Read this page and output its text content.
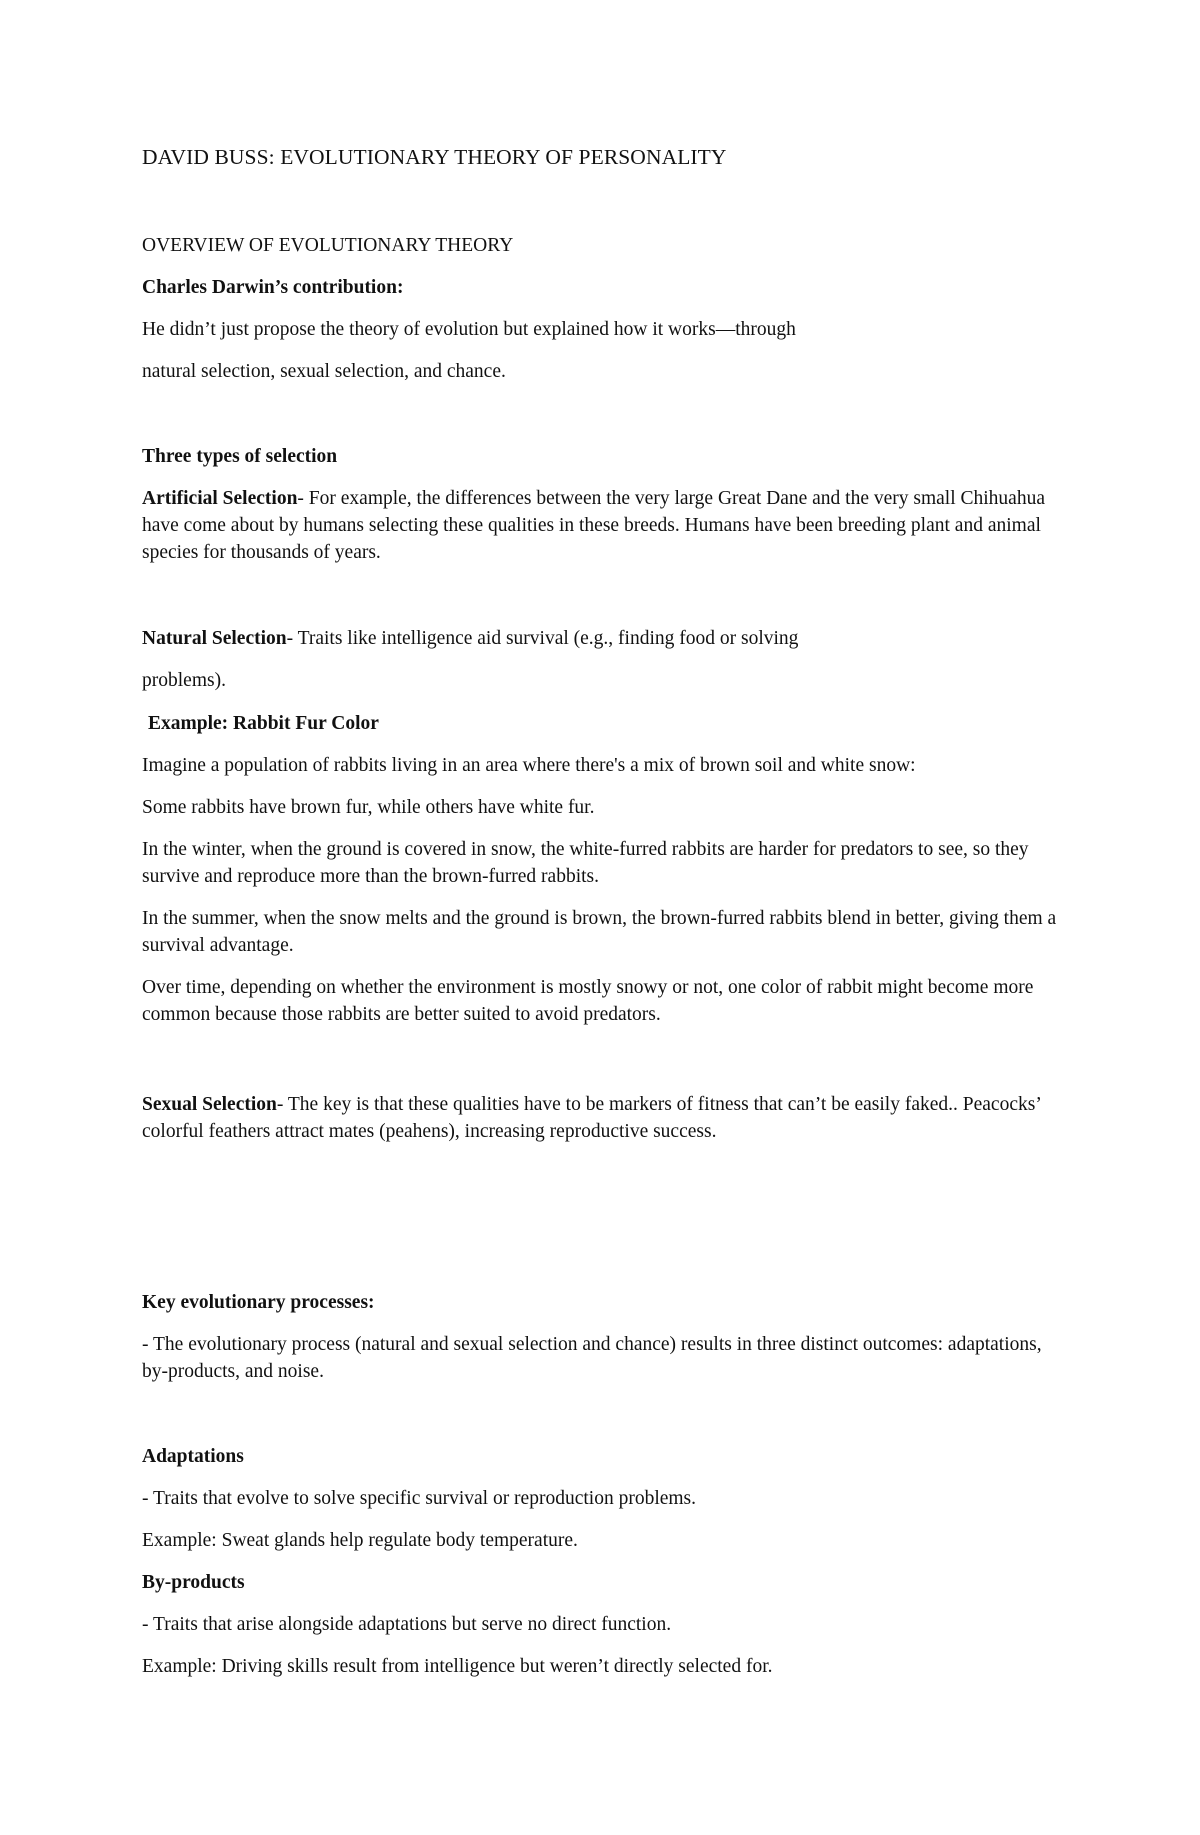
DAVID BUSS: EVOLUTIONARY THEORY OF PERSONALITY
OVERVIEW OF EVOLUTIONARY THEORY
Charles Darwin’s contribution:
He didn’t just propose the theory of evolution but explained how it works—through
natural selection, sexual selection, and chance.
Three types of selection
Artificial Selection- For example, the differences between the very large Great Dane and the very small Chihuahua have come about by humans selecting these qualities in these breeds. Humans have been breeding plant and animal species for thousands of years.
Natural Selection- Traits like intelligence aid survival (e.g., finding food or solving
problems).
Example: Rabbit Fur Color
Imagine a population of rabbits living in an area where there's a mix of brown soil and white snow:
Some rabbits have brown fur, while others have white fur.
In the winter, when the ground is covered in snow, the white-furred rabbits are harder for predators to see, so they survive and reproduce more than the brown-furred rabbits.
In the summer, when the snow melts and the ground is brown, the brown-furred rabbits blend in better, giving them a survival advantage.
Over time, depending on whether the environment is mostly snowy or not, one color of rabbit might become more common because those rabbits are better suited to avoid predators.
Sexual Selection- The key is that these qualities have to be markers of fitness that can’t be easily faked.. Peacocks’ colorful feathers attract mates (peahens), increasing reproductive success.
Key evolutionary processes:
- The evolutionary process (natural and sexual selection and chance) results in three distinct outcomes: adaptations, by-products, and noise.
Adaptations
- Traits that evolve to solve specific survival or reproduction problems.
Example: Sweat glands help regulate body temperature.
By-products
- Traits that arise alongside adaptations but serve no direct function.
Example: Driving skills result from intelligence but weren’t directly selected for.
